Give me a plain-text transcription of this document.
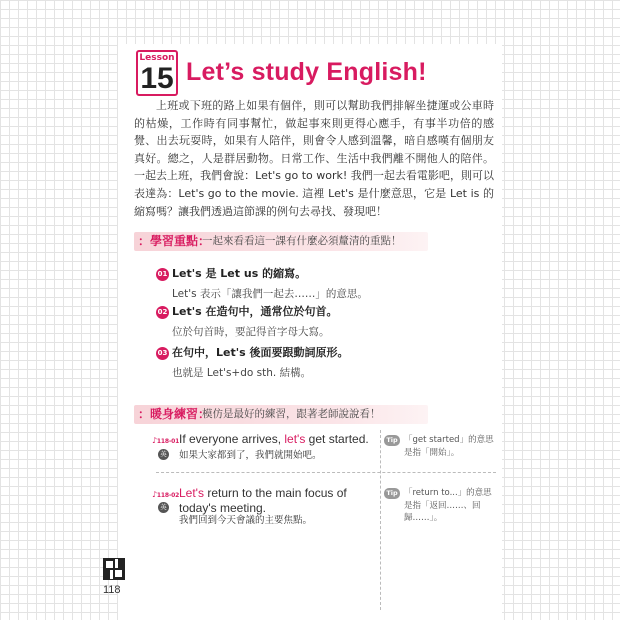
Lesson
15 Let’s study English!

上班或下班的路上如果有個伴，則可以幫助我們排解坐捷運或公車時的枯燥，工作時有同事幫忙，做起事來則更得心應手，有事半功倍的感覺、出去玩耍時，如果有人陪伴，則會令人感到溫馨，暗自感嘆有個朋友真好。總之，人是群居動物。日常工作、生活中我們離不開他人的陪伴。一起去上班，我們會說：Let's go to work! 我們一起去看電影吧，則可以表達為：Let's go to the movie. 這裡 Let's 是什麼意思，它是 Let is 的縮寫嗎？讓我們透過這節課的例句去尋找、發現吧！

：學習重點：
一起來看看這一課有什麼必須釐清的重點！
01 Let's 是 Let us 的縮寫。
Let's 表示「讓我們一起去……」的意思。
02 Let's 在造句中，通常位於句首。
位於句首時，要記得首字母大寫。
03 在句中，Let's 後面要跟動詞原形。
也就是 Let's+do sth. 結構。
：暖身練習：
模仿是最好的練習，跟著老師說說看！
♪118-01
英
If everyone arrives, let's get started.
如果大家都到了，我們就開始吧。
Tip 「get started」的意思是指「開始」。
♪118-02
英
Let's return to the main focus of today's meeting.
我們回到今天會議的主要焦點。
Tip 「return to...」的意思是指「返回……、回歸……」。
118
